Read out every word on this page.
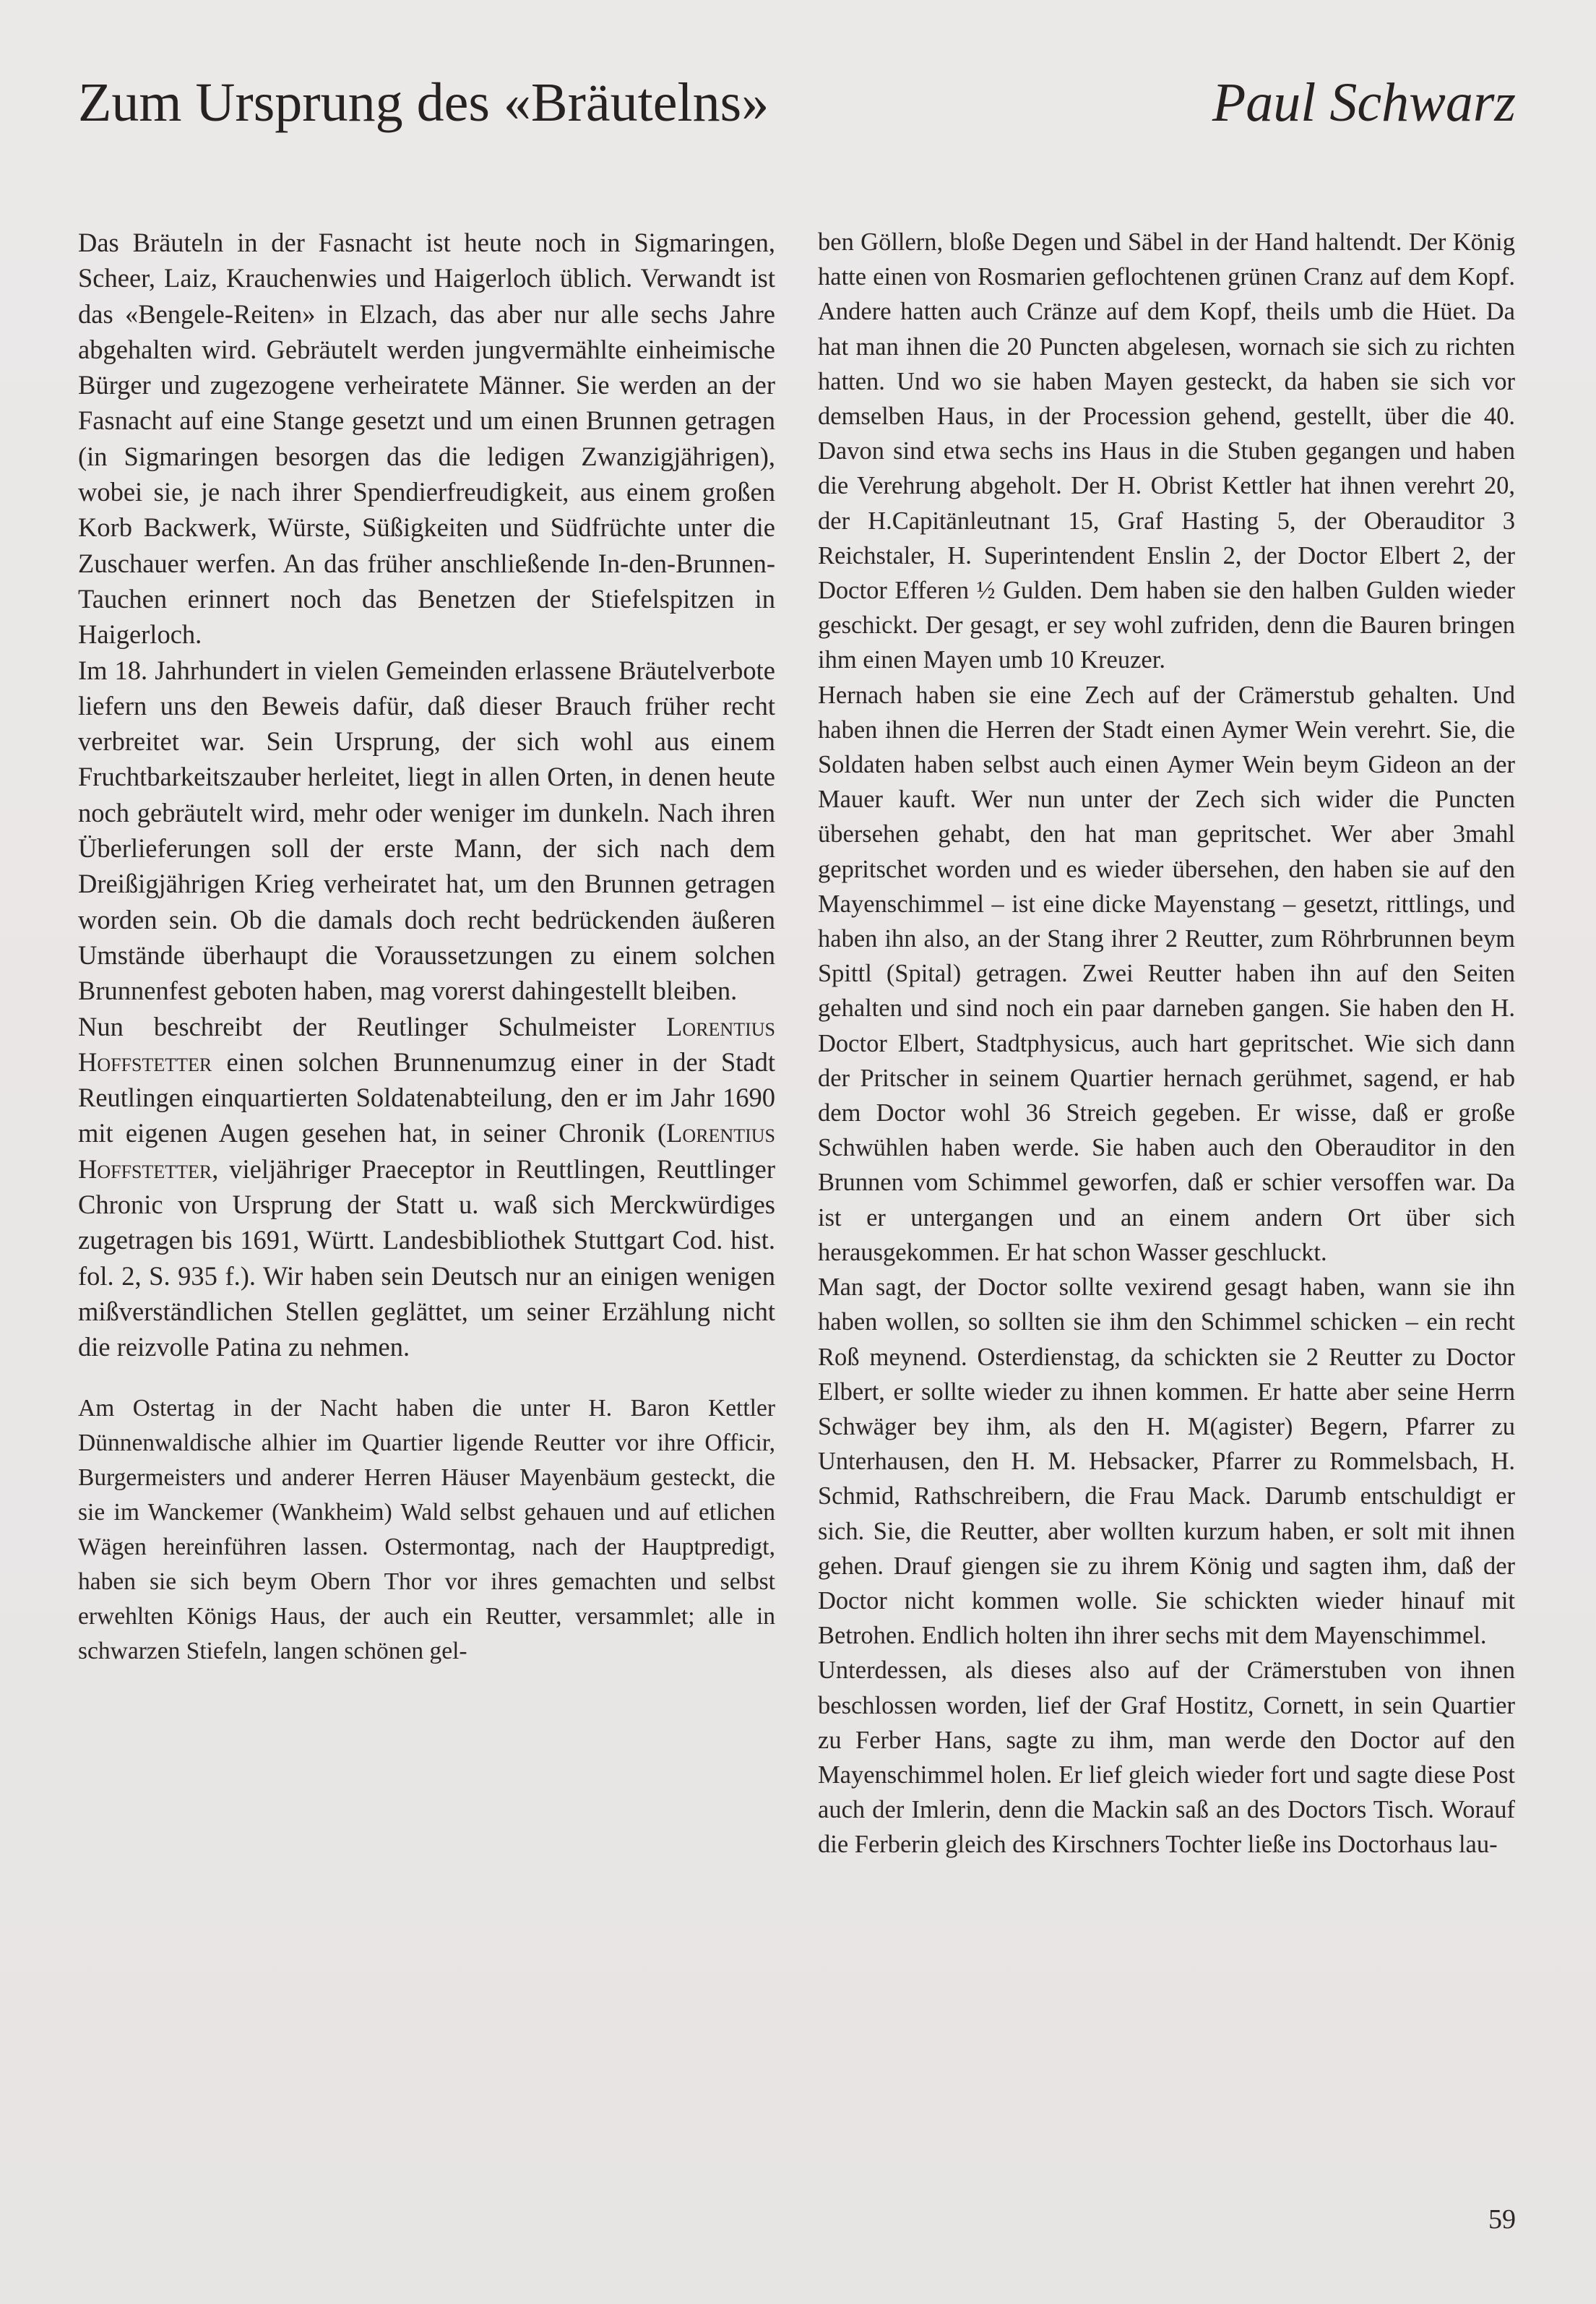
Zum Ursprung des «Bräutelns»	Paul Schwarz

Das Bräuteln in der Fasnacht ist heute noch in Sigmaringen, Scheer, Laiz, Krauchenwies und Haigerloch üblich. Verwandt ist das «Bengele-Reiten» in Elzach, das aber nur alle sechs Jahre abgehalten wird. Gebräutelt werden jungvermählte einheimische Bürger und zugezogene verheiratete Männer. Sie werden an der Fasnacht auf eine Stange gesetzt und um einen Brunnen getragen (in Sigmaringen besorgen das die ledigen Zwanzigjährigen), wobei sie, je nach ihrer Spendierfreudigkeit, aus einem großen Korb Backwerk, Würste, Süßigkeiten und Südfrüchte unter die Zuschauer werfen. An das früher anschließende In-den-Brunnen-Tauchen erinnert noch das Benetzen der Stiefelspitzen in Haigerloch.

Im 18. Jahrhundert in vielen Gemeinden erlassene Bräutelverbote liefern uns den Beweis dafür, daß dieser Brauch früher recht verbreitet war. Sein Ursprung, der sich wohl aus einem Fruchtbarkeitszauber herleitet, liegt in allen Orten, in denen heute noch gebräutelt wird, mehr oder weniger im dunkeln. Nach ihren Überlieferungen soll der erste Mann, der sich nach dem Dreißigjährigen Krieg verheiratet hat, um den Brunnen getragen worden sein. Ob die damals doch recht bedrückenden äußeren Umstände überhaupt die Voraussetzungen zu einem solchen Brunnenfest geboten haben, mag vorerst dahingestellt bleiben.

Nun beschreibt der Reutlinger Schulmeister Lorentius Hoffstetter einen solchen Brunnenumzug einer in der Stadt Reutlingen einquartierten Soldatenabteilung, den er im Jahr 1690 mit eigenen Augen gesehen hat, in seiner Chronik (Lorentius Hoffstetter, vieljähriger Praeceptor in Reuttlingen, Reuttlinger Chronic von Ursprung der Statt u. waß sich Merckwürdiges zugetragen bis 1691, Württ. Landesbibliothek Stuttgart Cod. hist. fol. 2, S. 935 f.). Wir haben sein Deutsch nur an einigen wenigen mißverständlichen Stellen geglättet, um seiner Erzählung nicht die reizvolle Patina zu nehmen.

Am Ostertag in der Nacht haben die unter H. Baron Kettler Dünnenwaldische alhier im Quartier ligende Reutter vor ihre Officir, Burgermeisters und anderer Herren Häuser Mayenbäum gesteckt, die sie im Wanckemer (Wankheim) Wald selbst gehauen und auf etlichen Wägen hereinführen lassen. Ostermontag, nach der Hauptpredigt, haben sie sich beym Obern Thor vor ihres gemachten und selbst erwehlten Königs Haus, der auch ein Reutter, versammlet; alle in schwarzen Stiefeln, langen schönen gel-

ben Göllern, bloße Degen und Säbel in der Hand haltendt. Der König hatte einen von Rosmarien geflochtenen grünen Cranz auf dem Kopf. Andere hatten auch Cränze auf dem Kopf, theils umb die Hüet. Da hat man ihnen die 20 Puncten abgelesen, wornach sie sich zu richten hatten. Und wo sie haben Mayen gesteckt, da haben sie sich vor demselben Haus, in der Procession gehend, gestellt, über die 40. Davon sind etwa sechs ins Haus in die Stuben gegangen und haben die Verehrung abgeholt. Der H. Obrist Kettler hat ihnen verehrt 20, der H.Capitänleutnant 15, Graf Hasting 5, der Oberauditor 3 Reichstaler, H. Superintendent Enslin 2, der Doctor Elbert 2, der Doctor Efferen ½ Gulden. Dem haben sie den halben Gulden wieder geschickt. Der gesagt, er sey wohl zufriden, denn die Bauren bringen ihm einen Mayen umb 10 Kreuzer.

Hernach haben sie eine Zech auf der Crämerstub gehalten. Und haben ihnen die Herren der Stadt einen Aymer Wein verehrt. Sie, die Soldaten haben selbst auch einen Aymer Wein beym Gideon an der Mauer kauft. Wer nun unter der Zech sich wider die Puncten übersehen gehabt, den hat man gepritschet. Wer aber 3mahl gepritschet worden und es wieder übersehen, den haben sie auf den Mayenschimmel – ist eine dicke Mayenstang – gesetzt, rittlings, und haben ihn also, an der Stang ihrer 2 Reutter, zum Röhrbrunnen beym Spittl (Spital) getragen. Zwei Reutter haben ihn auf den Seiten gehalten und sind noch ein paar darneben gangen. Sie haben den H. Doctor Elbert, Stadtphysicus, auch hart gepritschet. Wie sich dann der Pritscher in seinem Quartier hernach gerühmet, sagend, er hab dem Doctor wohl 36 Streich gegeben. Er wisse, daß er große Schwühlen haben werde. Sie haben auch den Oberauditor in den Brunnen vom Schimmel geworfen, daß er schier versoffen war. Da ist er untergangen und an einem andern Ort über sich herausgekommen. Er hat schon Wasser geschluckt.

Man sagt, der Doctor sollte vexirend gesagt haben, wann sie ihn haben wollen, so sollten sie ihm den Schimmel schicken – ein recht Roß meynend. Osterdienstag, da schickten sie 2 Reutter zu Doctor Elbert, er sollte wieder zu ihnen kommen. Er hatte aber seine Herrn Schwäger bey ihm, als den H. M(agister) Begern, Pfarrer zu Unterhausen, den H. M. Hebsacker, Pfarrer zu Rommelsbach, H. Schmid, Rathschreibern, die Frau Mack. Darumb entschuldigt er sich. Sie, die Reutter, aber wollten kurzum haben, er solt mit ihnen gehen. Drauf giengen sie zu ihrem König und sagten ihm, daß der Doctor nicht kommen wolle. Sie schickten wieder hinauf mit Betrohen. Endlich holten ihn ihrer sechs mit dem Mayenschimmel.

Unterdessen, als dieses also auf der Crämerstuben von ihnen beschlossen worden, lief der Graf Hostitz, Cornett, in sein Quartier zu Ferber Hans, sagte zu ihm, man werde den Doctor auf den Mayenschimmel holen. Er lief gleich wieder fort und sagte diese Post auch der Imlerin, denn die Mackin saß an des Doctors Tisch. Worauf die Ferberin gleich des Kirschners Tochter ließe ins Doctorhaus lau-

59
